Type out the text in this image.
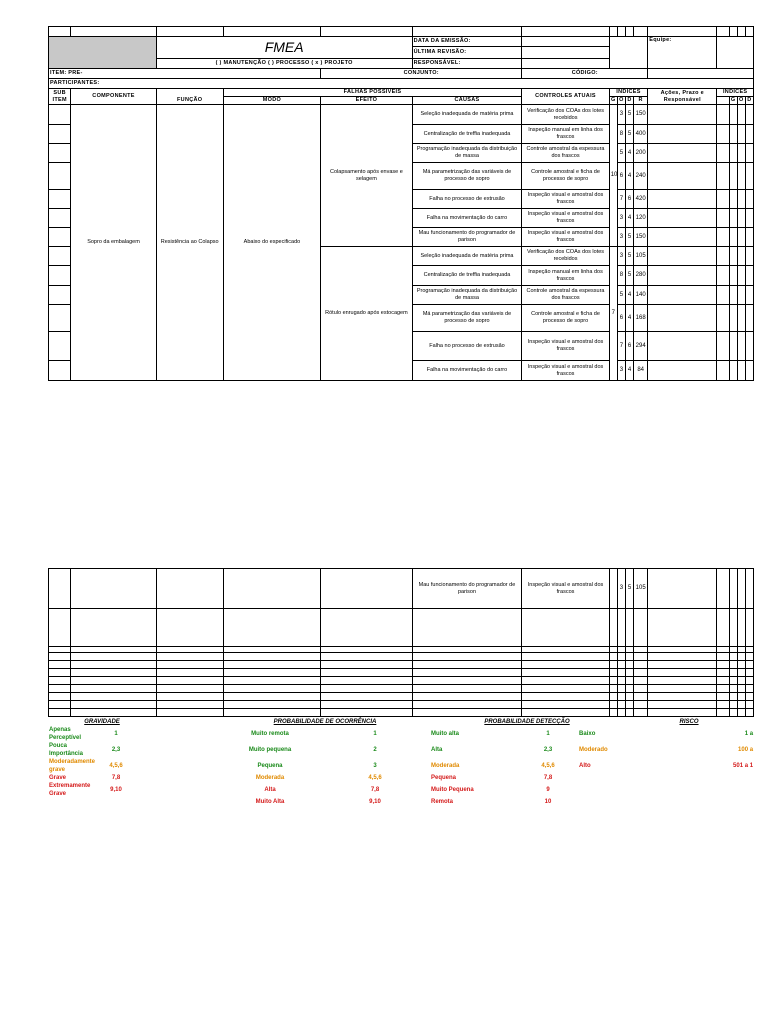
		FMEA			DATA DA EMISSÃO:						Equipe:				
					ÚLTIMA REVISÃO:										
		( ) MANUTENÇÃO ( ) PROCESSO ( x ) PROJETO			RESPONSÁVEL:										
ITEM: PRE-				CONJUNTO:		CÓDIGO:									
PARTICIPANTES:															
SUB ITEM	COMPONENTE	FUNÇÃO	FALHAS POSSÍVEIS			CONTROLES ATUAIS	ÍNDICES				Ações, Prazo e Responsável	ÍNDICES			
			MODO	EFEITO	CAUSAS		G	O	D	R			G	O	D
	Sopro da embalagem	Resistência ao Colapso	Abaixo do especificado	Colapsamento após envase e selagem	Seleção inadequada de matéria prima	Verificação dos COAs dos lotes recebidos	10	3	5	150					
					Centralização de treffia inadequada	Inspeção manual em linha dos frascos		8	5	400					
					Programação inadequada da distribuição de massa	Controle amostral da espessura dos frascos		5	4	200					
					Má parametrização das variáveis de processo de sopro	Controle amostral e ficha de processo de sopro		6	4	240					
					Falha no processo de extrusão	Inspeção visual e amostral dos frascos		7	6	420					
					Falha na movimentação do carro	Inspeção visual e amostral dos frascos		3	4	120					
					Mau funcionamento do programador de parison	Inspeção visual e amostral dos frascos		3	5	150					
				Rótulo enrugado após estocagem	Seleção inadequada de matéria prima	Verificação dos COAs dos lotes recebidos	7	3	5	105					
					Centralização de treffia inadequada	Inspeção manual em linha dos frascos		8	5	280					
					Programação inadequada da distribuição de massa	Controle amostral da espessura dos frascos		5	4	140					
					Má parametrização das variáveis de processo de sopro	Controle amostral e ficha de processo de sopro		6	4	168					
					Falha no processo de extrusão	Inspeção visual e amostral dos frascos		7	6	294					
					Falha na movimentação do carro	Inspeção visual e amostral dos frascos		3	4	84					
					Mau funcionamento do programador de parison	Inspeção visual e amostral dos frascos		3	5	105					

GRAVIDADE			PROBABILIDADE DE OCORRÊNCIA		PROBABILIDADE DETECÇÃO			RISCO	
Apenas Perceptível	1		Muito remota	1	Muito alta	1	Baixo		1 a
Pouca Importância	2,3		Muito pequena	2	Alta	2,3	Moderado		100 a
Moderadamente grave	4,5,6		Pequena	3	Moderada	4,5,6	Alto		501 a 1
Grave	7,8		Moderada	4,5,6	Pequena	7,8			
Extremamente Grave	9,10		Alta	7,8	Muito Pequena	9			
			Muito Alta	9,10	Remota	10			
